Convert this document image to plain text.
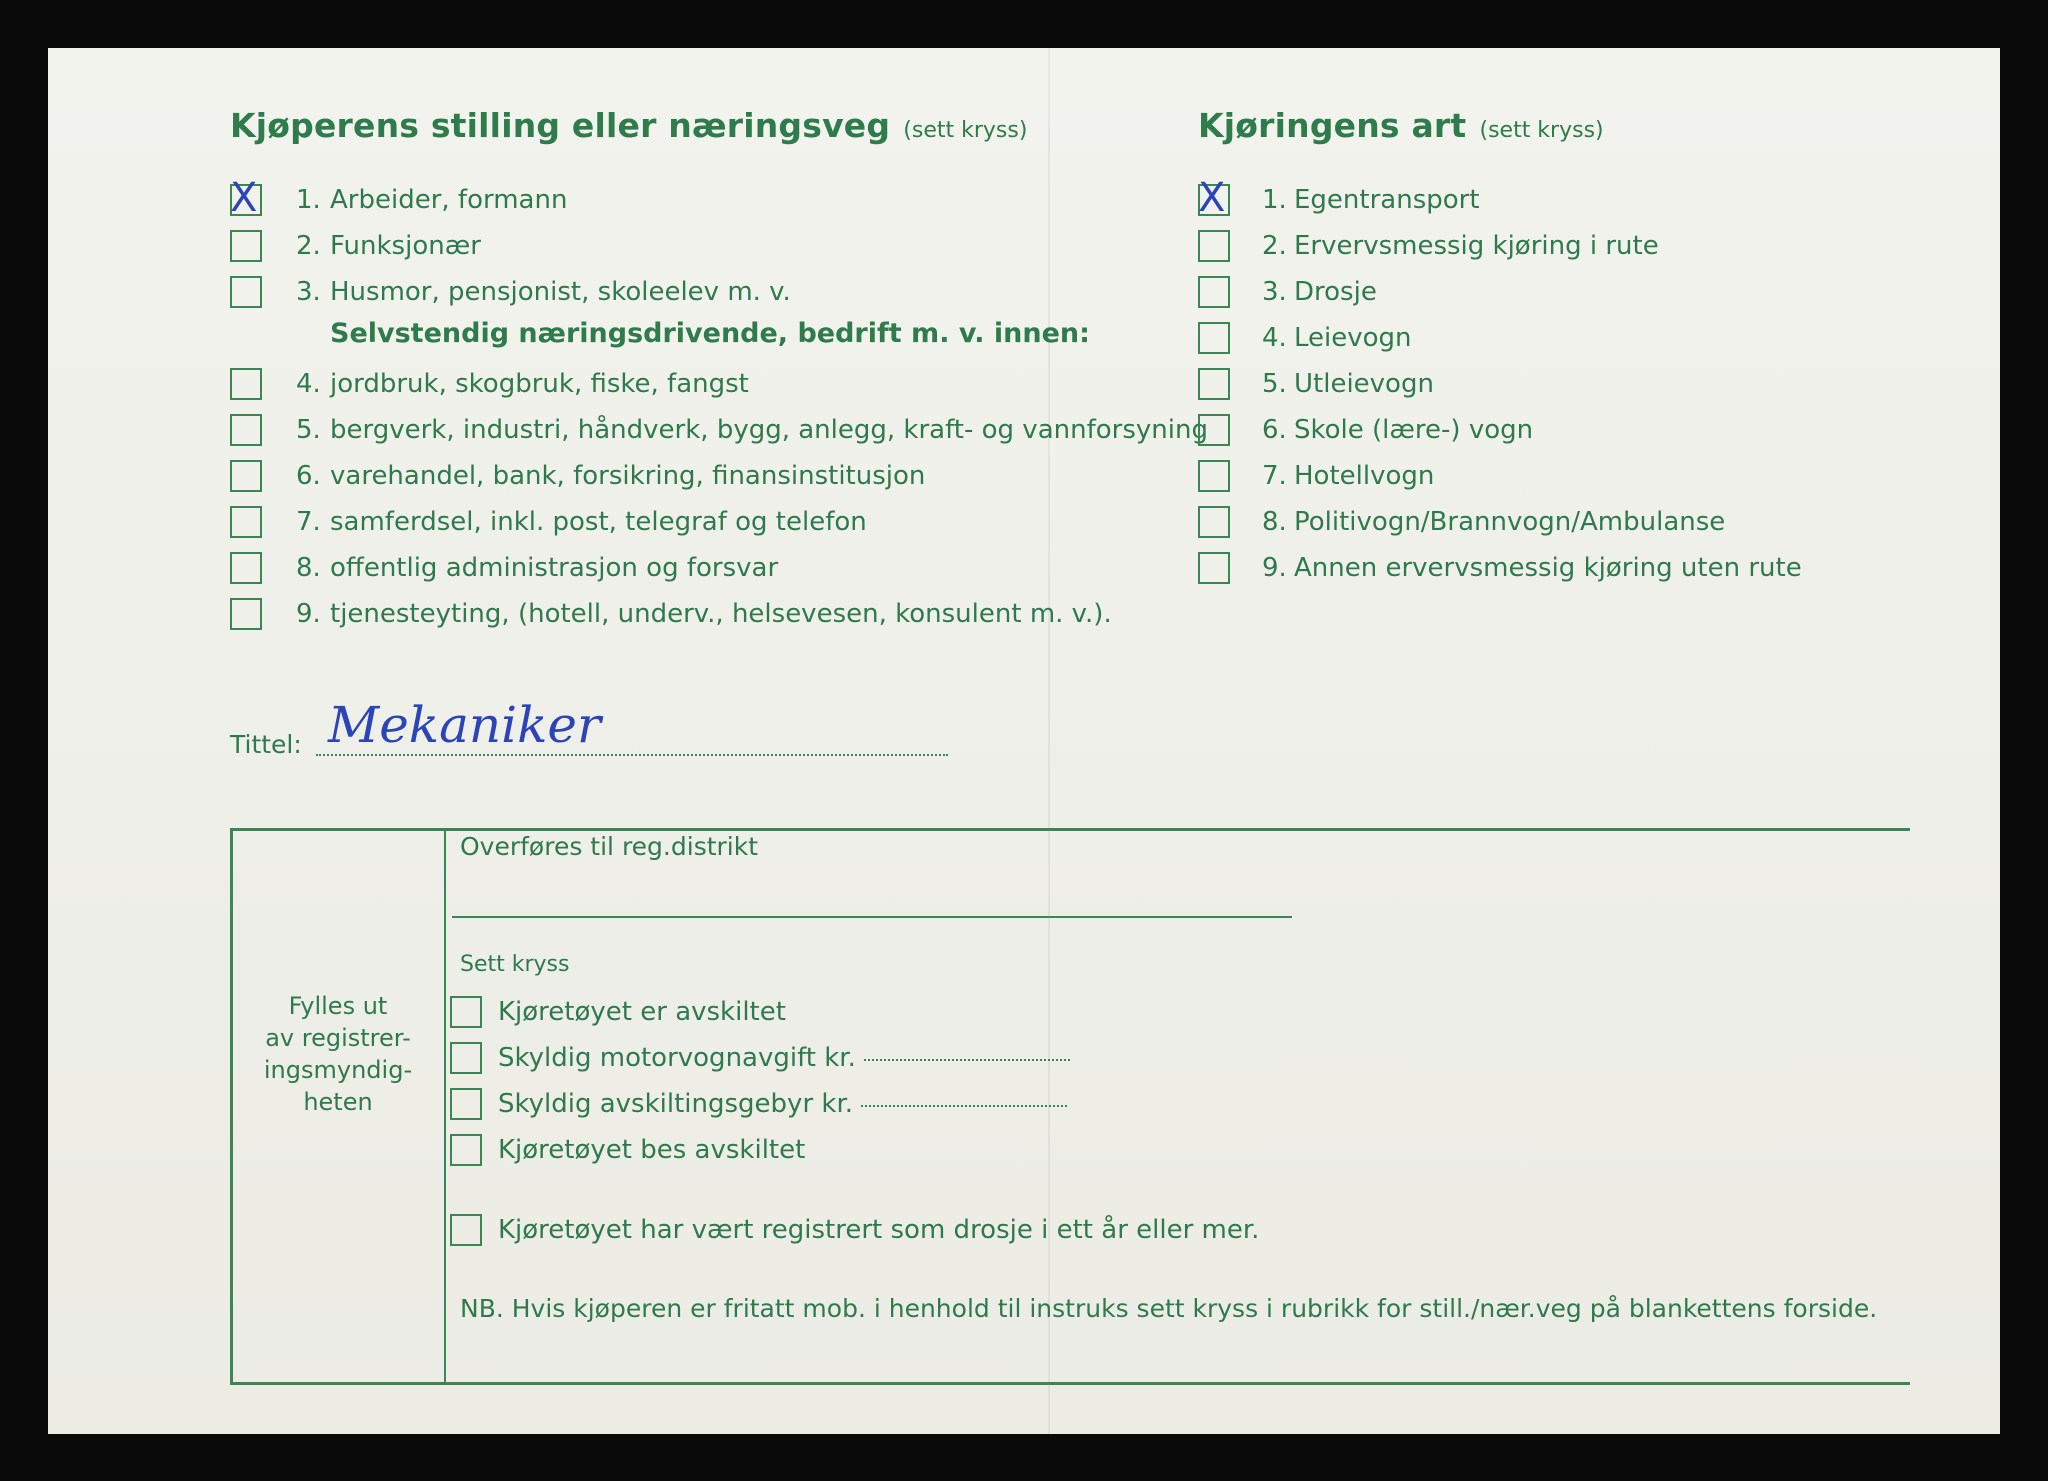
Kjøperens stilling eller næringsveg (sett kryss)
X 1. Arbeider, formann
2. Funksjonær
3. Husmor, pensjonist, skoleelev m. v.
Selvstendig næringsdrivende, bedrift m. v. innen:
4. jordbruk, skogbruk, fiske, fangst
5. bergverk, industri, håndverk, bygg, anlegg, kraft- og vannforsyning
6. varehandel, bank, forsikring, finansinstitusjon
7. samferdsel, inkl. post, telegraf og telefon
8. offentlig administrasjon og forsvar
9. tjenesteyting, (hotell, underv., helsevesen, konsulent m. v.).
Kjøringens art (sett kryss)
X 1. Egentransport
2. Ervervsmessig kjøring i rute
3. Drosje
4. Leievogn
5. Utleievogn
6. Skole (lære-) vogn
7. Hotellvogn
8. Politivogn/Brannvogn/Ambulanse
9. Annen ervervsmessig kjøring uten rute
Tittel: Mekaniker
Fylles ut
av registrer-
ingsmyndig-
heten
Overføres til reg.distrikt
Sett kryss
Kjøretøyet er avskiltet
Skyldig motorvognavgift kr.
Skyldig avskiltingsgebyr kr.
Kjøretøyet bes avskiltet
Kjøretøyet har vært registrert som drosje i ett år eller mer.
NB. Hvis kjøperen er fritatt mob. i henhold til instruks sett kryss i rubrikk for still./nær.veg på blankettens forside.
